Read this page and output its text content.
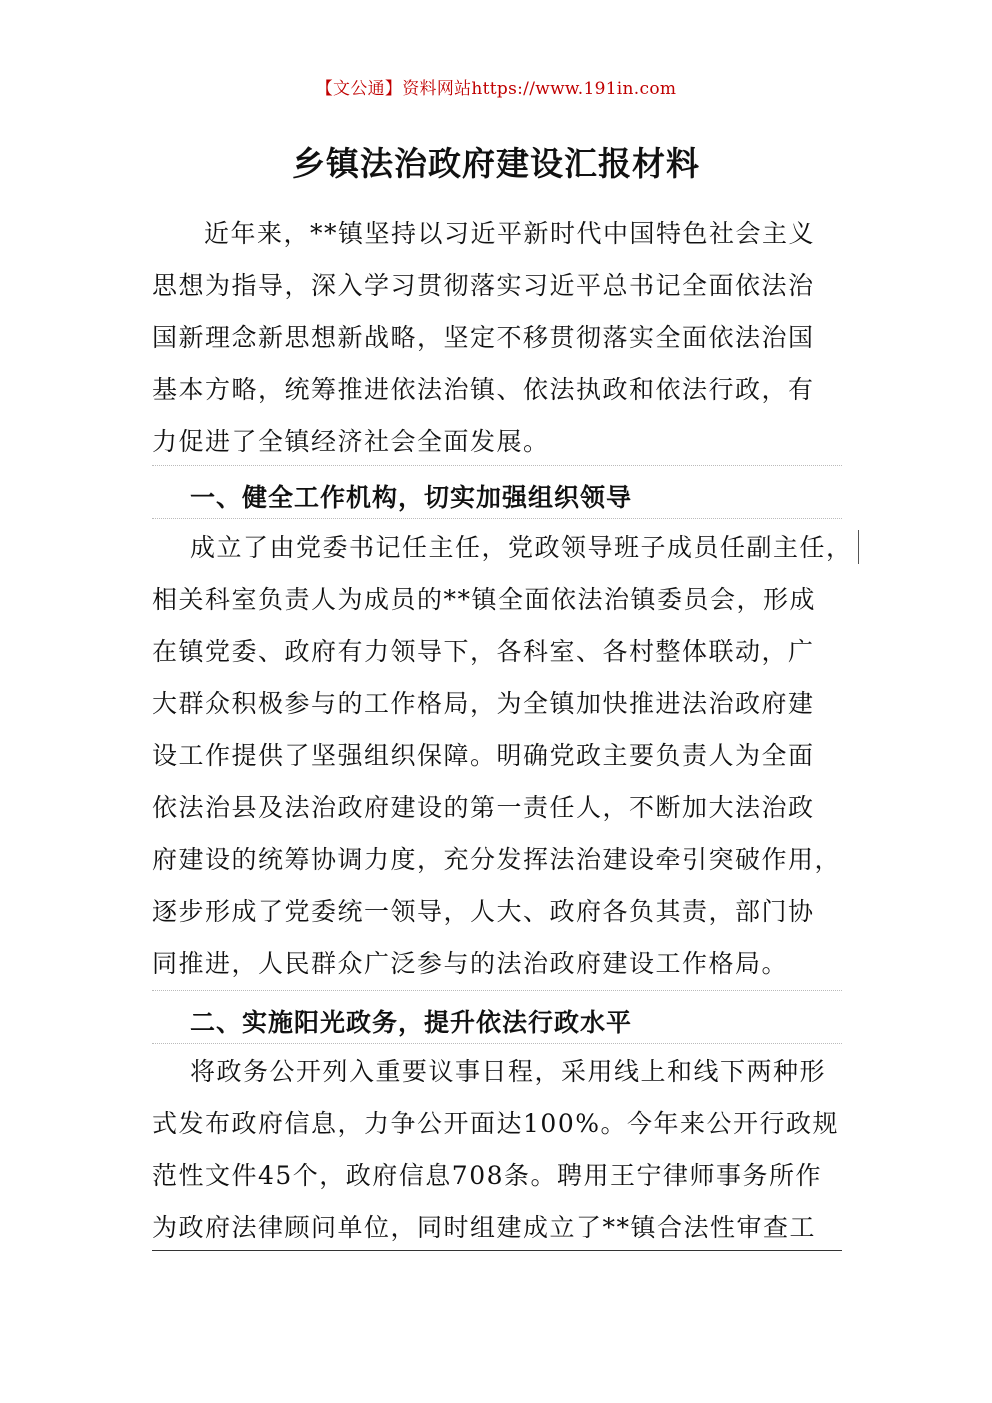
【文公通】资料网站https://www.191in.com
乡镇法治政府建设汇报材料
近年来，**镇坚持以习近平新时代中国特色社会主义
思想为指导，深入学习贯彻落实习近平总书记全面依法治
国新理念新思想新战略，坚定不移贯彻落实全面依法治国
基本方略，统筹推进依法治镇、依法执政和依法行政，有
力促进了全镇经济社会全面发展。
一、健全工作机构，切实加强组织领导
成立了由党委书记任主任，党政领导班子成员任副主任，
相关科室负责人为成员的**镇全面依法治镇委员会，形成
在镇党委、政府有力领导下，各科室、各村整体联动，广
大群众积极参与的工作格局，为全镇加快推进法治政府建
设工作提供了坚强组织保障。明确党政主要负责人为全面
依法治县及法治政府建设的第一责任人，不断加大法治政
府建设的统筹协调力度，充分发挥法治建设牵引突破作用，
逐步形成了党委统一领导，人大、政府各负其责，部门协
同推进，人民群众广泛参与的法治政府建设工作格局。
二、实施阳光政务，提升依法行政水平
将政务公开列入重要议事日程，采用线上和线下两种形
式发布政府信息，力争公开面达100%。今年来公开行政规
范性文件45个，政府信息708条。聘用王宁律师事务所作
为政府法律顾问单位，同时组建成立了**镇合法性审查工
